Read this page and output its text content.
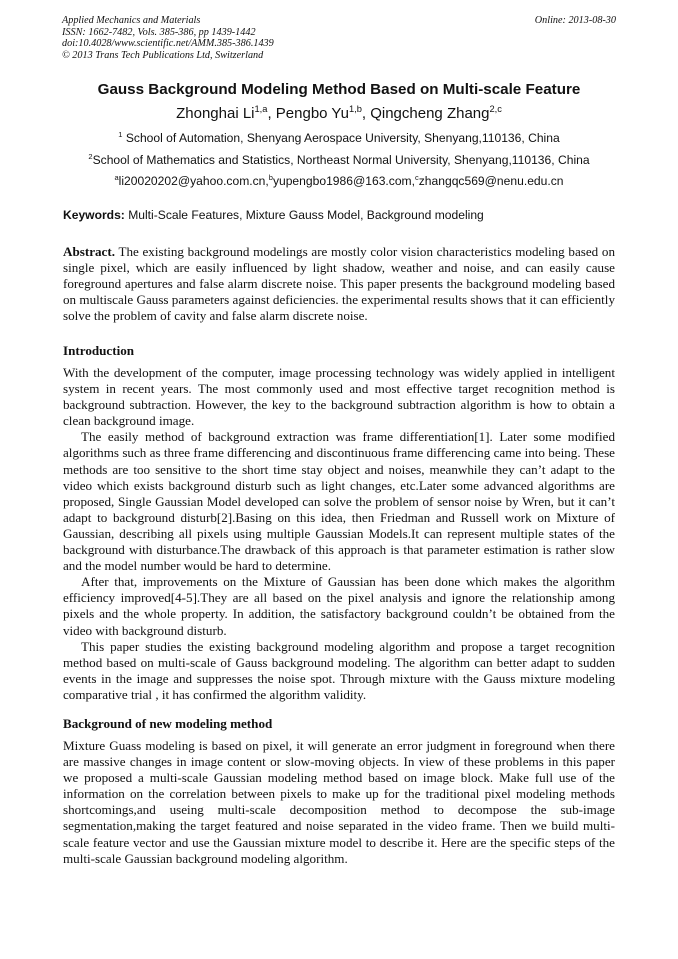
Applied Mechanics and Materials
ISSN: 1662-7482, Vols. 385-386, pp 1439-1442
doi:10.4028/www.scientific.net/AMM.385-386.1439
© 2013 Trans Tech Publications Ltd, Switzerland
Online: 2013-08-30
Gauss Background Modeling Method Based on Multi-scale Feature
Zhonghai Li$^{1,a}$, Pengbo Yu$^{1,b}$, Qingcheng Zhang$^{2,c}$
$^1$ School of Automation, Shenyang Aerospace University, Shenyang,110136, China
$^2$School of Mathematics and Statistics, Northeast Normal University, Shenyang,110136, China
$^a$li20020202@yahoo.com.cn,$^b$yupengbo1986@163.com,$^c$zhangqc569@nenu.edu.cn
Keywords: Multi-Scale Features, Mixture Gauss Model, Background modeling

Abstract. The existing background modelings are mostly color vision characteristics modeling based on single pixel, which are easily influenced by light shadow, weather and noise, and can easily cause foreground apertures and false alarm discrete noise. This paper presents the background modeling based on multiscale Gauss parameters against deficiencies. the experimental results shows that it can efficiently solve the problem of cavity and false alarm discrete noise.

Introduction

With the development of the computer, image processing technology was widely applied in intelligent system in recent years. The most commonly used and most effective target recognition method is background subtraction. However, the key to the background subtraction algorithm is how to obtain a clean background image.

The easily method of background extraction was frame differentiation[1]. Later some modified algorithms such as three frame differencing and discontinuous frame differencing came into being. These methods are too sensitive to the short time stay object and noises, meanwhile they can’t adapt to the video which exists background disturb such as light changes, etc.Later some advanced algorithms are proposed, Single Gaussian Model developed can solve the problem of sensor noise by Wren, but it can’t adapt to background disturb[2].Basing on this idea, then Friedman and Russell work on Mixture of Gaussian, describing all pixels using multiple Gaussian Models.It can represent multiple states of the background with disturbance.The drawback of this approach is that parameter estimation is rather slow and the model number would be hard to determine.

After that, improvements on the Mixture of Gaussian has been done which makes the algorithm efficiency improved[4-5].They are all based on the pixel analysis and ignore the relationship among pixels and the whole property. In addition, the satisfactory background couldn’t be obtained from the video with background disturb.

This paper studies the existing background modeling algorithm and propose a target recognition method based on multi-scale of Gauss background modeling. The algorithm can better adapt to sudden events in the image and suppresses the noise spot. Through mixture with the Gauss mixture modeling comparative trial , it has confirmed the algorithm validity.

Background of new modeling method

Mixture Guass modeling is based on pixel, it will generate an error judgment in foreground when there are massive changes in image content or slow-moving objects. In view of these problems in this paper we proposed a multi-scale Gaussian modeling method based on image block. Make full use of the information on the correlation between pixels to make up for the traditional pixel modeling methods shortcomings,and useing multi-scale decomposition method to decompose the sub-image segmentation,making the target featured and noise separated in the video frame. Then we build multi-scale feature vector and use the Gaussian mixture model to describe it. Here are the specific steps of the multi-scale Gaussian background modeling algorithm.
